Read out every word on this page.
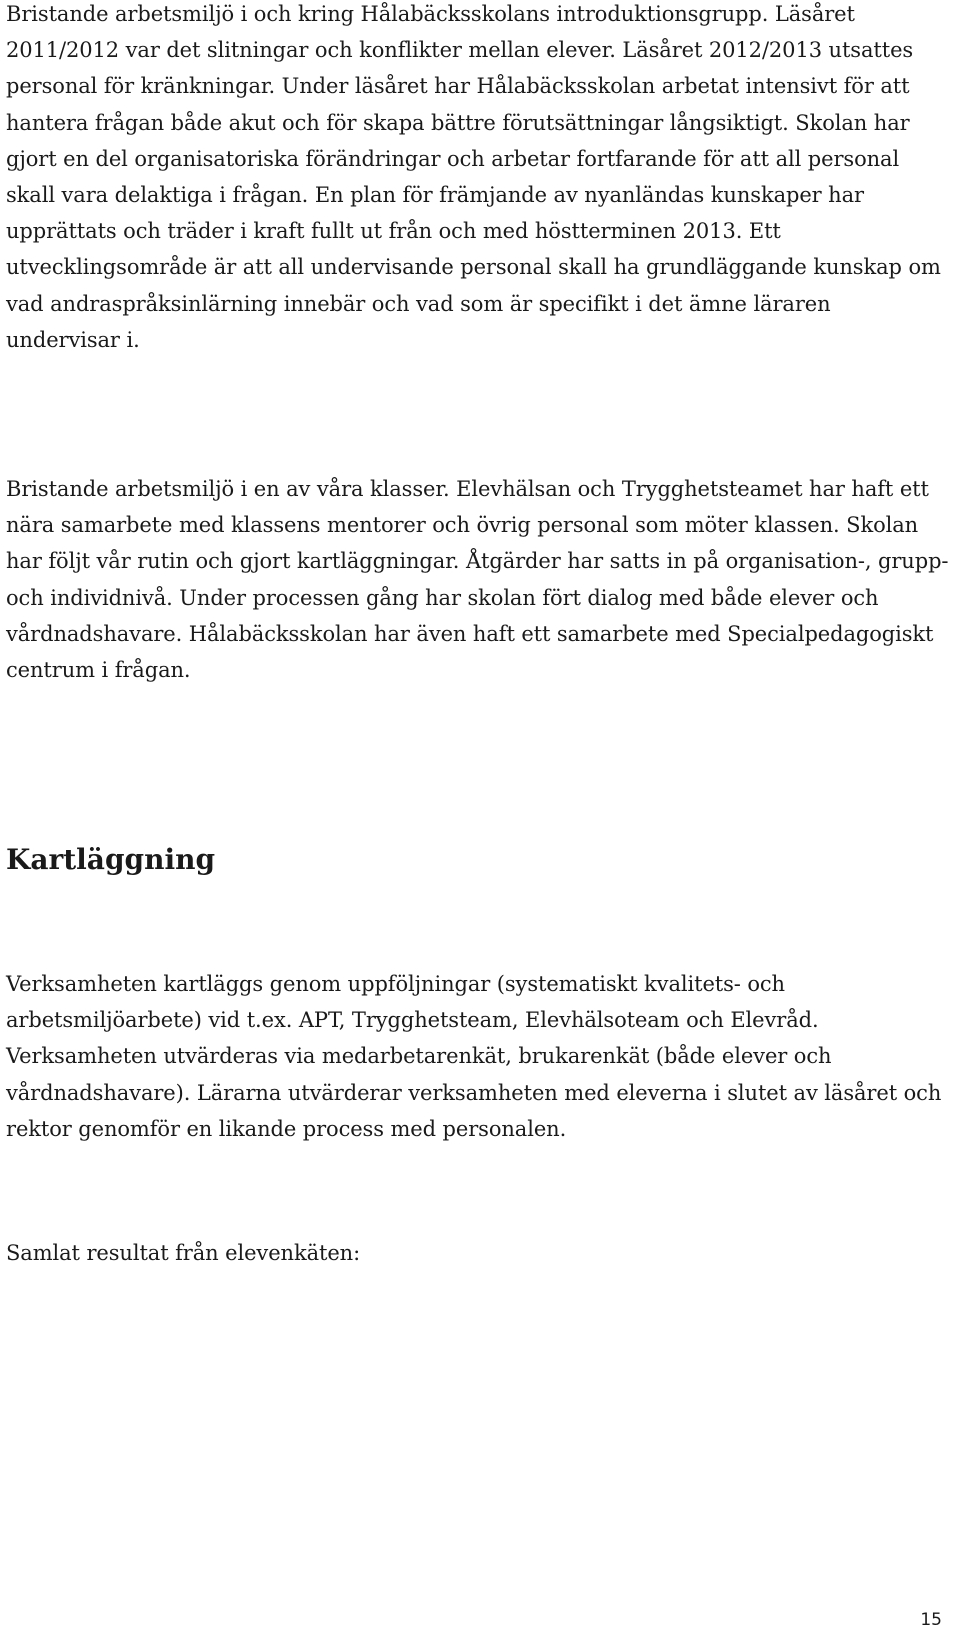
Bristande arbetsmiljö i och kring Hålabäcksskolans introduktionsgrupp. Läsåret 2011/2012 var det slitningar och konflikter mellan elever. Läsåret 2012/2013 utsattes personal för kränkningar. Under läsåret har Hålabäcksskolan arbetat intensivt för att hantera frågan både akut och för skapa bättre förutsättningar långsiktigt. Skolan har gjort en del organisatoriska förändringar och arbetar fortfarande för att all personal skall vara delaktiga i frågan. En plan för främjande av nyanländas kunskaper har upprättats och träder i kraft fullt ut från och med höstterminen 2013. Ett utvecklingsområde är att all undervisande personal skall ha grundläggande kunskap om vad andraspråksinlärning innebär och vad som är specifikt i det ämne läraren undervisar i.

Bristande arbetsmiljö i en av våra klasser. Elevhälsan och Trygghetsteamet har haft ett nära samarbete med klassens mentorer och övrig personal som möter klassen. Skolan har följt vår rutin och gjort kartläggningar. Åtgärder har satts in på organisation-, grupp- och individnivå. Under processen gång har skolan fört dialog med både elever och vårdnadshavare. Hålabäcksskolan har även haft ett samarbete med Specialpedagogiskt centrum i frågan.

Kartläggning

Verksamheten kartläggs genom uppföljningar (systematiskt kvalitets- och arbetsmiljöarbete) vid t.ex. APT, Trygghetsteam, Elevhälsoteam och Elevråd. Verksamheten utvärderas via medarbetarenkät, brukarenkät (både elever och vårdnadshavare). Lärarna utvärderar verksamheten med eleverna i slutet av läsåret och rektor genomför en likande process med personalen.

Samlat resultat från elevenkäten:

15
